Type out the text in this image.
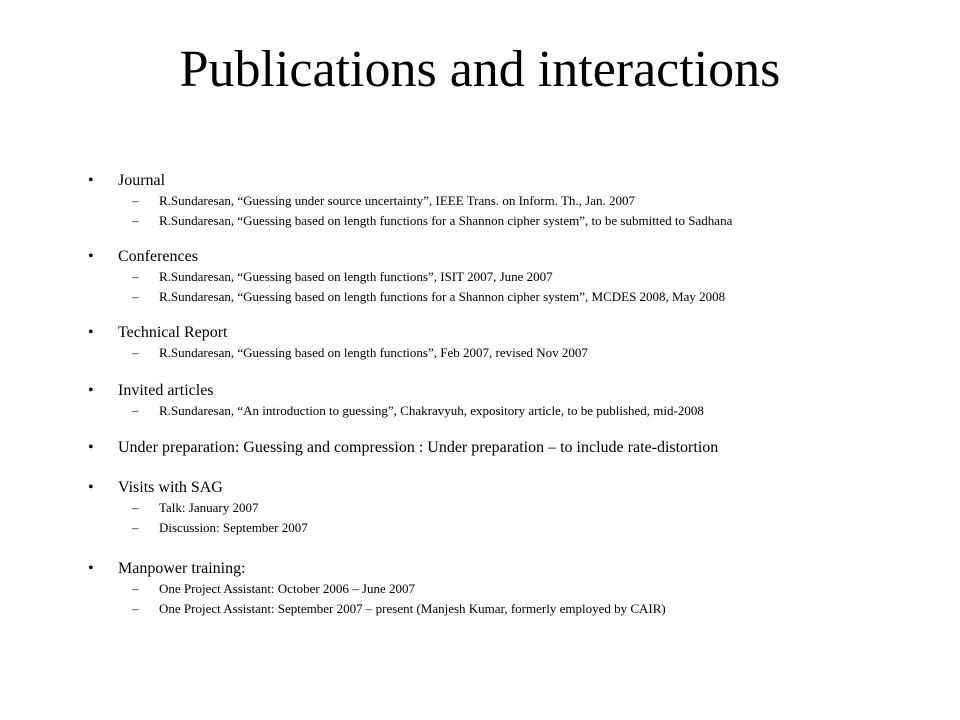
Publications and interactions
• Journal
– R.Sundaresan, “Guessing under source uncertainty”, IEEE Trans. on Inform. Th., Jan. 2007
– R.Sundaresan, “Guessing based on length functions for a Shannon cipher system”, to be submitted to Sadhana
• Conferences
– R.Sundaresan, “Guessing based on length functions”, ISIT 2007, June 2007
– R.Sundaresan, “Guessing based on length functions for a Shannon cipher system”, MCDES 2008, May 2008
• Technical Report
– R.Sundaresan, “Guessing based on length functions”, Feb 2007, revised Nov 2007
• Invited articles
– R.Sundaresan, “An introduction to guessing”, Chakravyuh, expository article, to be published, mid-2008
• Under preparation: Guessing and compression : Under preparation – to include rate-distortion
• Visits with SAG
– Talk: January 2007
– Discussion: September 2007
• Manpower training:
– One Project Assistant: October 2006 – June 2007
– One Project Assistant: September 2007 – present (Manjesh Kumar, formerly employed by CAIR)
